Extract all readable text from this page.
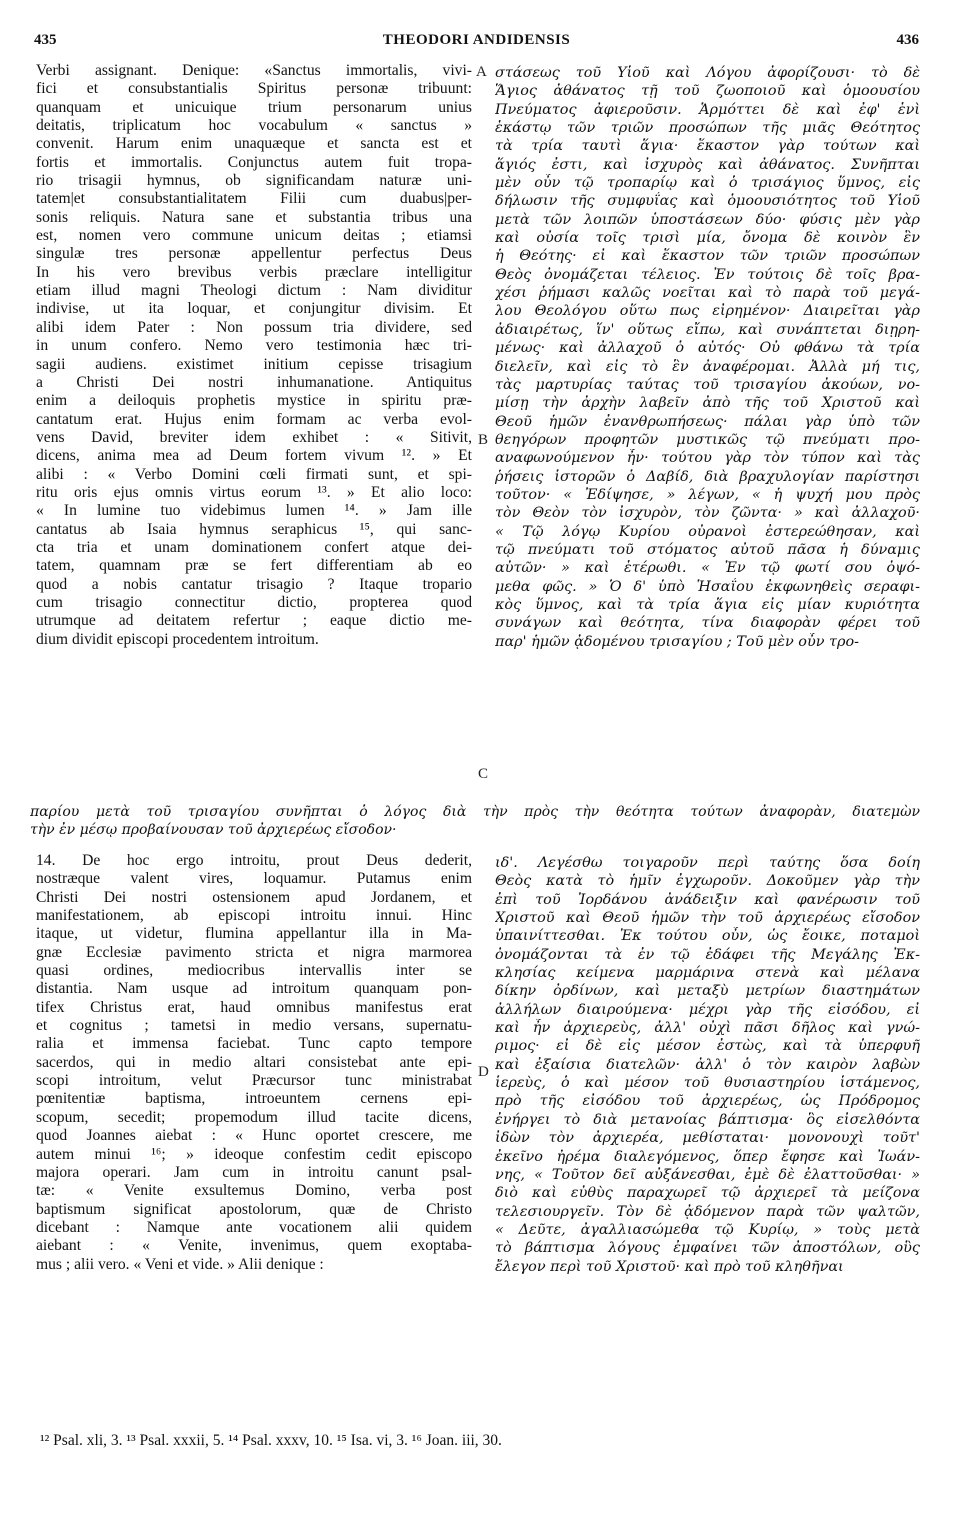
435	THEODORI ANDIDENSIS	436
Verbi assignant. Denique: «Sanctus immortalis, vivi-
fici et consubstantialis Spiritus personæ tribuunt:
quanquam et unicuique trium personarum unius
deitatis, triplicatum hoc vocabulum « sanctus »
convenit. Harum enim unaquæque et sancta est et
fortis et immortalis. Conjunctus autem fuit tropa-
rio trisagii hymnus, ob significandam naturæ uni-
tatem|et consubstantialitatem Filii cum duabus|per-
sonis reliquis. Natura sane et substantia tribus una
est, nomen vero commune unicum deitas ; etiamsi
singulæ tres personæ appellentur perfectus Deus
In his vero brevibus verbis præclare intelligitur
etiam illud magni Theologi dictum : Nam dividitur
indivise, ut ita loquar, et conjungitur divisim. Et
alibi idem Pater : Non possum tria dividere, sed
in unum confero. Nemo vero testimonia hæc tri-
sagii audiens. existimet initium cepisse trisagium
a Christi Dei nostri inhumanatione. Antiquitus
enim a deiloquis prophetis mystice in spiritu præ-
cantatum erat. Hujus enim formam ac verba evol-
vens David, breviter idem exhibet : « Sitivit,
dicens, anima mea ad Deum fortem vivum ¹². » Et
alibi : « Verbo Domini cœli firmati sunt, et spi-
ritu oris ejus omnis virtus eorum ¹³. » Et alio loco:
« In lumine tuo videbimus lumen ¹⁴. » Jam ille
cantatus ab Isaia hymnus seraphicus ¹⁵, qui sanc-
cta tria et unam dominationem confert atque dei-
tatem, quamnam præ se fert differentiam ab eo
quod a nobis cantatur trisagio ? Itaque tropario
cum trisagio connectitur dictio, propterea quod
utrumque ad deitatem refertur ; eaque dictio me-
dium dividit episcopi procedentem introitum.
στάσεως τοῦ Υἱοῦ καὶ Λόγου ἀφορίζουσι· τὸ δὲ
Ἅγιος ἀθάνατος τῇ τοῦ ζωοποιοῦ καὶ ὁμοουσίου
Πνεύματος ἀφιεροῦσιν. Ἁρμόττει δὲ καὶ ἐφ' ἑνὶ
ἑκάστῳ τῶν τριῶν προσώπων τῆς μιᾶς Θεότητος
τὰ τρία ταυτὶ ἅγια· ἕκαστον γὰρ τούτων καὶ
ἅγιός ἐστι, καὶ ἰσχυρὸς καὶ ἀθάνατος. Συνῆπται
μὲν οὖν τῷ τροπαρίῳ καὶ ὁ τρισάγιος ὕμνος, εἰς
δήλωσιν τῆς συμφυΐας καὶ ὁμοουσιότητος τοῦ Υἱοῦ
μετὰ τῶν λοιπῶν ὑποστάσεων δύο· φύσις μὲν γὰρ
καὶ οὐσία τοῖς τρισὶ μία, ὄνομα δὲ κοινὸν ἓν
ἡ Θεότης· εἰ καὶ ἕκαστον τῶν τριῶν προσώπων
Θεὸς ὀνομάζεται τέλειος. Ἐν τούτοις δὲ τοῖς βρα-
χέσι ῥήμασι καλῶς νοεῖται καὶ τὸ παρὰ τοῦ μεγά-
λου Θεολόγου οὕτω πως εἰρημένον· Διαιρεῖται γὰρ
ἀδιαιρέτως, ἵν' οὕτως εἴπω, καὶ συνάπτεται διῃρη-
μένως· καὶ ἀλλαχοῦ ὁ αὐτός· Οὐ φθάνω τὰ τρία
διελεῖν, καὶ εἰς τὸ ἓν ἀναφέρομαι. Ἀλλὰ μή τις,
τὰς μαρτυρίας ταύτας τοῦ τρισαγίου ἀκούων, νο-
μίσῃ τὴν ἀρχὴν λαβεῖν ἀπὸ τῆς τοῦ Χριστοῦ καὶ
Θεοῦ ἡμῶν ἐνανθρωπήσεως· πάλαι γὰρ ὑπὸ τῶν
θεηγόρων προφητῶν μυστικῶς τῷ πνεύματι προ-
αναφωνούμενον ἦν· τούτου γὰρ τὸν τύπον καὶ τὰς
ῥήσεις ἱστορῶν ὁ Δαβίδ, διὰ βραχυλογίαν παρίστησι
τοῦτον· « Ἐδίψησε, » λέγων, « ἡ ψυχή μου πρὸς
τὸν Θεὸν τὸν ἰσχυρὸν, τὸν ζῶντα· » καὶ ἀλλαχοῦ·
« Τῷ λόγῳ Κυρίου οὐρανοὶ ἐστερεώθησαν, καὶ
τῷ πνεύματι τοῦ στόματος αὐτοῦ πᾶσα ἡ δύναμις
αὐτῶν· » καὶ ἑτέρωθι. « Ἐν τῷ φωτί σου ὀψό-
μεθα φῶς. » Ὁ δ' ὑπὸ Ἡσαΐου ἐκφωνηθεὶς σεραφι-
κὸς ὕμνος, καὶ τὰ τρία ἅγια εἰς μίαν κυριότητα
συνάγων καὶ θεότητα, τίνα διαφορὰν φέρει τοῦ
παρ' ἡμῶν ᾀδομένου τρισαγίου ; Τοῦ μὲν οὖν τρο-
A
B
C
D
παρίου μετὰ τοῦ τρισαγίου συνῆπται ὁ λόγος διὰ τὴν πρὸς τὴν θεότητα τούτων ἀναφορὰν, διατεμὼν
τὴν ἐν μέσῳ προβαίνουσαν τοῦ ἀρχιερέως εἴσοδον·
14. De hoc ergo introitu, prout Deus dederit,
nostræque valent vires, loquamur. Putamus enim
Christi Dei nostri ostensionem apud Jordanem, et
manifestationem, ab episcopi introitu innui. Hinc
itaque, ut videtur, flumina appellantur illa in Ma-
gnæ Ecclesiæ pavimento stricta et nigra marmorea
quasi ordines, mediocribus intervallis inter se
distantia. Nam usque ad introitum quanquam pon-
tifex Christus erat, haud omnibus manifestus erat
et cognitus ; tametsi in medio versans, supernatu-
ralia et immensa faciebat. Tunc capto tempore
sacerdos, qui in medio altari consistebat ante epi-
scopi introitum, velut Præcursor tunc ministrabat
pœnitentiæ baptisma, introeuntem cernens epi-
scopum, secedit; propemodum illud tacite dicens,
quod Joannes aiebat : « Hunc oportet crescere, me
autem minui ¹⁶; » ideoque confestim cedit episcopo
majora operari. Jam cum in introitu canunt psal-
tæ: « Venite exsultemus Domino, verba post
baptismum significat apostolorum, quæ de Christo
dicebant : Namque ante vocationem alii quidem
aiebant : « Venite, invenimus, quem exoptaba-
mus ; alii vero. « Veni et vide. » Alii denique :
ιδ'. Λεγέσθω τοιγαροῦν περὶ ταύτης ὅσα δοίη
Θεὸς κατὰ τὸ ἡμῖν ἐγχωροῦν. Δοκοῦμεν γὰρ τὴν
ἐπὶ τοῦ Ἰορδάνου ἀνάδειξιν καὶ φανέρωσιν τοῦ
Χριστοῦ καὶ Θεοῦ ἡμῶν τὴν τοῦ ἀρχιερέως εἴσοδον
ὑπαινίττεσθαι. Ἐκ τούτου οὖν, ὡς ἔοικε, ποταμοὶ
ὀνομάζονται τὰ ἐν τῷ ἐδάφει τῆς Μεγάλης Ἐκ-
κλησίας κείμενα μαρμάρινα στενὰ καὶ μέλανα
δίκην ὀρδίνων, καὶ μεταξὺ μετρίων διαστημάτων
ἀλλήλων διαιρούμενα· μέχρι γὰρ τῆς εἰσόδου, εἰ
καὶ ἦν ἀρχιερεὺς, ἀλλ' οὐχὶ πᾶσι δῆλος καὶ γνώ-
ριμος· εἰ δὲ εἰς μέσον ἐστὼς, καὶ τὰ ὑπερφυῆ
καὶ ἐξαίσια διατελῶν· ἀλλ' ὁ τὸν καιρὸν λαβὼν
ἱερεὺς, ὁ καὶ μέσον τοῦ θυσιαστηρίου ἱστάμενος,
πρὸ τῆς εἰσόδου τοῦ ἀρχιερέως, ὡς Πρόδρομος
ἐνήργει τὸ διὰ μετανοίας βάπτισμα· ὃς εἰσελθόντα
ἰδὼν τὸν ἀρχιερέα, μεθίσταται· μονονουχὶ τοῦτ'
ἐκεῖνο ἠρέμα διαλεγόμενος, ὅπερ ἔφησε καὶ Ἰωάν-
νης, « Τοῦτον δεῖ αὐξάνεσθαι, ἐμὲ δὲ ἐλαττοῦσθαι· »
διὸ καὶ εὐθὺς παραχωρεῖ τῷ ἀρχιερεῖ τὰ μείζονα
τελεσιουργεῖν. Τὸν δὲ ᾀδόμενον παρὰ τῶν ψαλτῶν,
« Δεῦτε, ἀγαλλιασώμεθα τῷ Κυρίῳ, » τοὺς μετὰ
τὸ βάπτισμα λόγους ἐμφαίνει τῶν ἀποστόλων, οὓς
ἔλεγον περὶ τοῦ Χριστοῦ· καὶ πρὸ τοῦ κληθῆναι
¹² Psal. xli, 3. ¹³ Psal. xxxii, 5. ¹⁴ Psal. xxxv, 10. ¹⁵ Isa. vi, 3. ¹⁶ Joan. iii, 30.
